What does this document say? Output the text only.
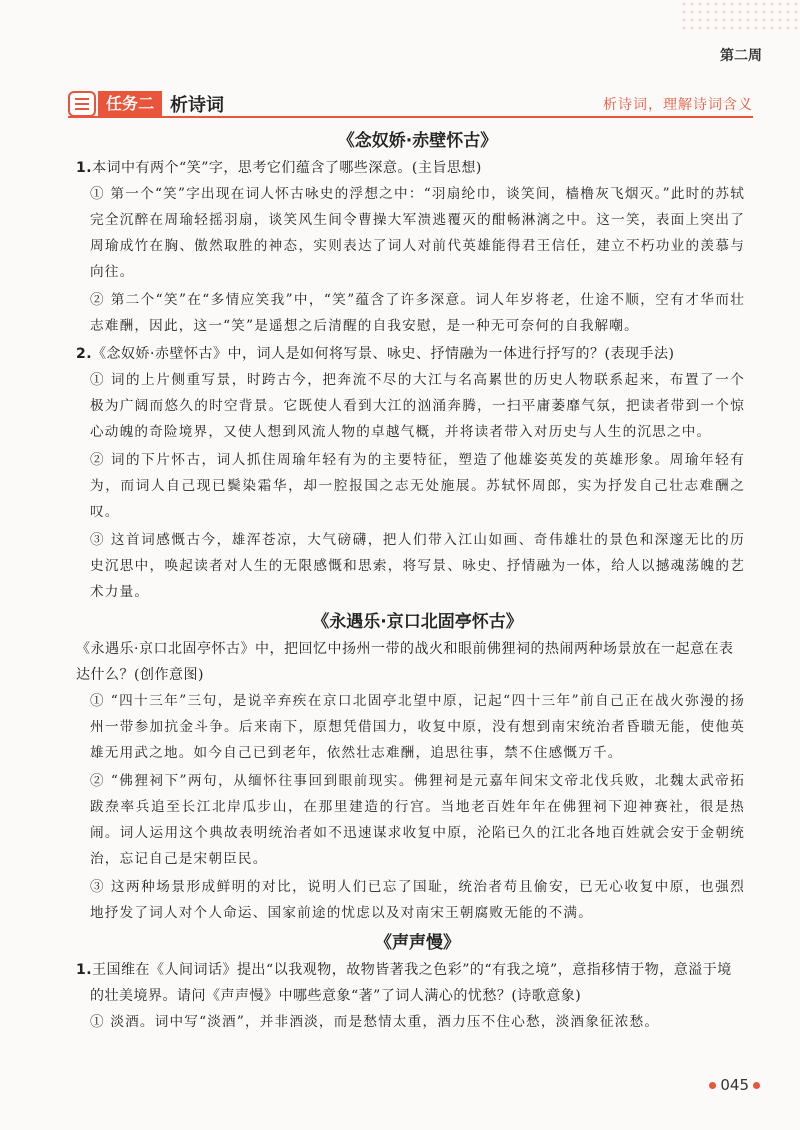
第二周
任务二 析诗词	析诗词，理解诗词含义
《念奴娇·赤壁怀古》

1.本词中有两个“笑”字，思考它们蕴含了哪些深意。(主旨思想)

① 第一个“笑”字出现在词人怀古咏史的浮想之中：“羽扇纶巾，谈笑间，樯橹灰飞烟灭。”此时的苏轼完全沉醉在周瑜轻摇羽扇，谈笑风生间令曹操大军溃逃覆灭的酣畅淋漓之中。这一笑，表面上突出了周瑜成竹在胸、傲然取胜的神态，实则表达了词人对前代英雄能得君王信任，建立不朽功业的羡慕与向往。

② 第二个“笑”在“多情应笑我”中，“笑”蕴含了许多深意。词人年岁将老，仕途不顺，空有才华而壮志难酬，因此，这一“笑”是遥想之后清醒的自我安慰，是一种无可奈何的自我解嘲。

2.《念奴娇·赤壁怀古》中，词人是如何将写景、咏史、抒情融为一体进行抒写的？(表现手法)

① 词的上片侧重写景，时跨古今，把奔流不尽的大江与名高累世的历史人物联系起来，布置了一个极为广阔而悠久的时空背景。它既使人看到大江的汹涌奔腾，一扫平庸萎靡气氛，把读者带到一个惊心动魄的奇险境界，又使人想到风流人物的卓越气概，并将读者带入对历史与人生的沉思之中。

② 词的下片怀古，词人抓住周瑜年轻有为的主要特征，塑造了他雄姿英发的英雄形象。周瑜年轻有为，而词人自己现已鬓染霜华，却一腔报国之志无处施展。苏轼怀周郎，实为抒发自己壮志难酬之叹。

③ 这首词感慨古今，雄浑苍凉，大气磅礴，把人们带入江山如画、奇伟雄壮的景色和深邃无比的历史沉思中，唤起读者对人生的无限感慨和思索，将写景、咏史、抒情融为一体，给人以撼魂荡魄的艺术力量。

《永遇乐·京口北固亭怀古》

《永遇乐·京口北固亭怀古》中，把回忆中扬州一带的战火和眼前佛狸祠的热闹两种场景放在一起意在表达什么？(创作意图)

① “四十三年”三句，是说辛弃疾在京口北固亭北望中原，记起“四十三年”前自己正在战火弥漫的扬州一带参加抗金斗争。后来南下，原想凭借国力，收复中原，没有想到南宋统治者昏聩无能，使他英雄无用武之地。如今自己已到老年，依然壮志难酬，追思往事，禁不住感慨万千。

② “佛狸祠下”两句，从缅怀往事回到眼前现实。佛狸祠是元嘉年间宋文帝北伐兵败，北魏太武帝拓跋焘率兵追至长江北岸瓜步山，在那里建造的行宫。当地老百姓年年在佛狸祠下迎神赛社，很是热闹。词人运用这个典故表明统治者如不迅速谋求收复中原，沦陷已久的江北各地百姓就会安于金朝统治，忘记自己是宋朝臣民。

③ 这两种场景形成鲜明的对比，说明人们已忘了国耻，统治者苟且偷安，已无心收复中原，也强烈地抒发了词人对个人命运、国家前途的忧虑以及对南宋王朝腐败无能的不满。

《声声慢》

1.王国维在《人间词话》提出“以我观物，故物皆著我之色彩”的“有我之境”，意指移情于物，意溢于境的壮美境界。请问《声声慢》中哪些意象“著”了词人满心的忧愁？(诗歌意象)

① 淡酒。词中写“淡酒”，并非酒淡，而是愁情太重，酒力压不住心愁，淡酒象征浓愁。

045
